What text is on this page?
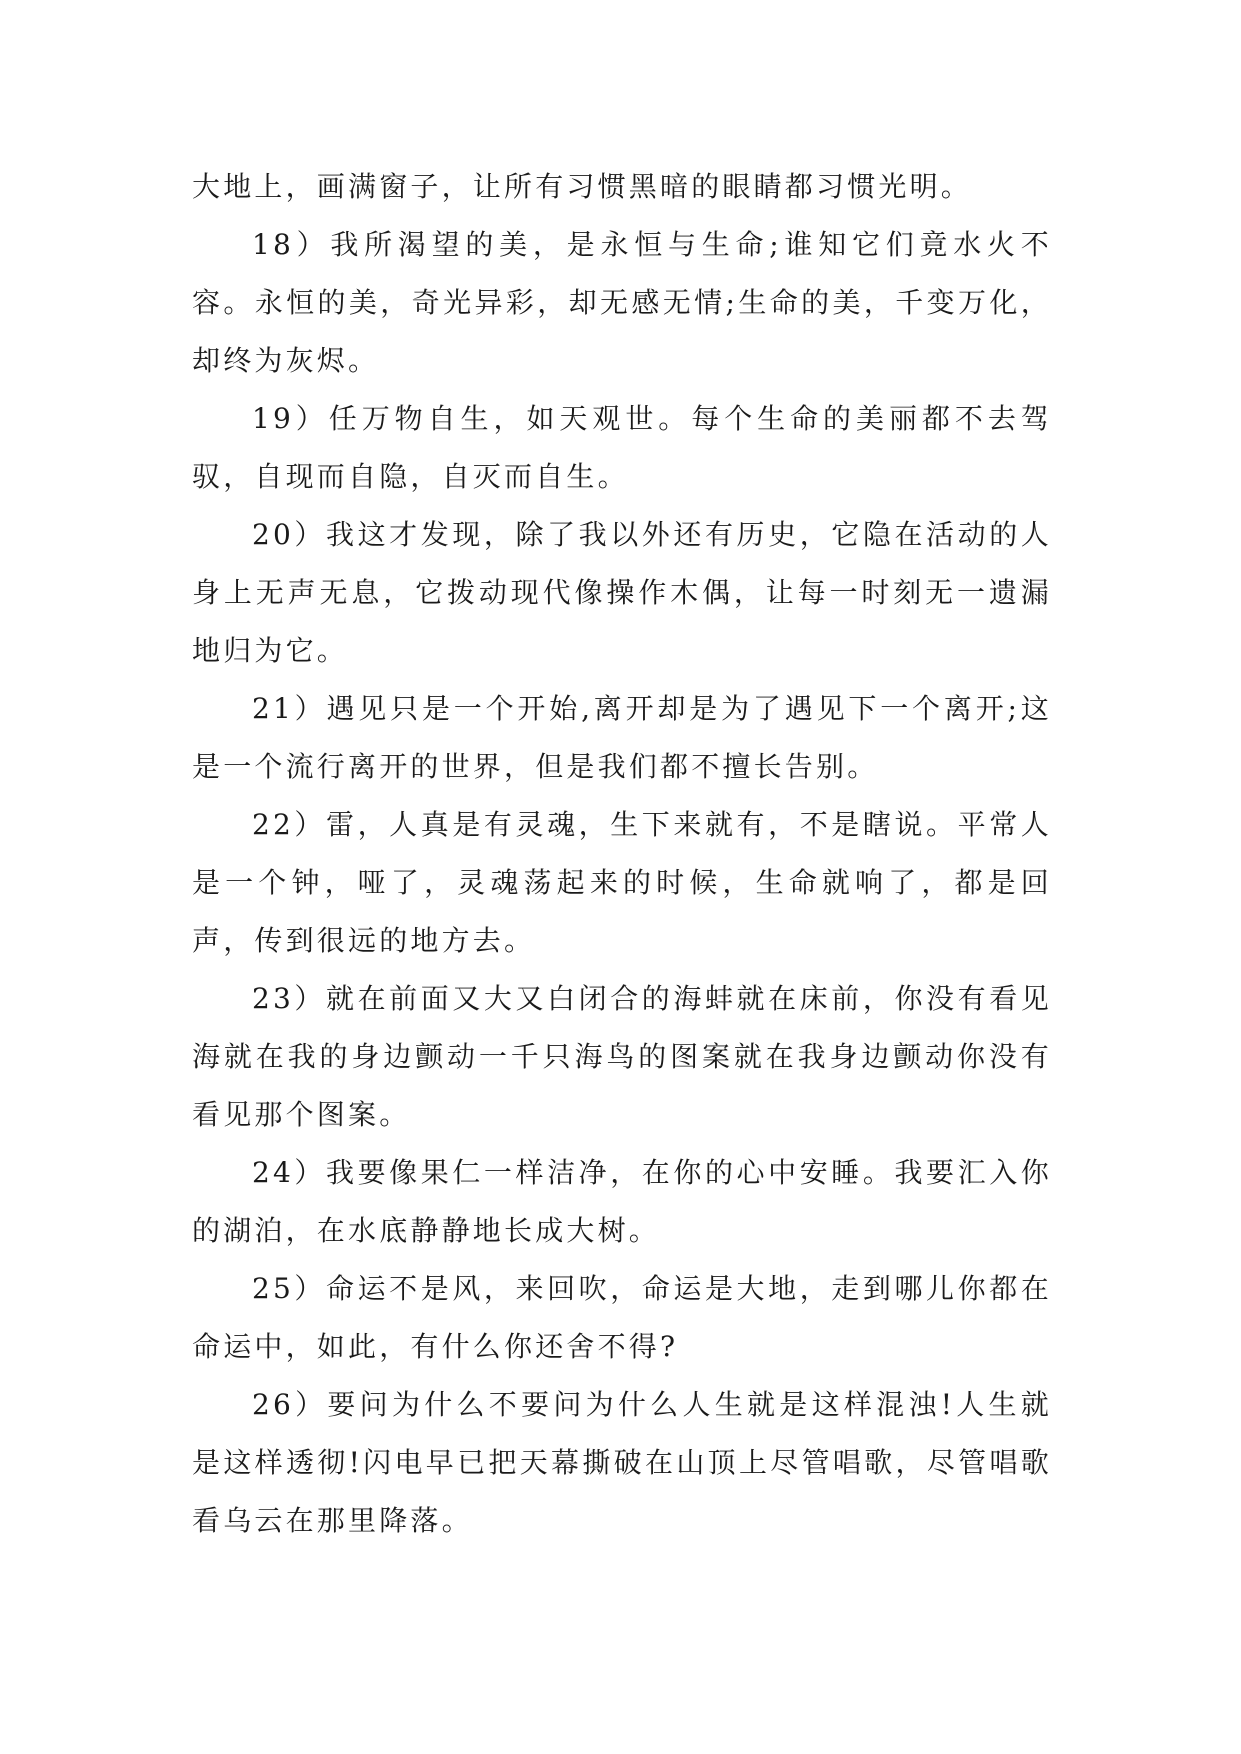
大地上，画满窗子，让所有习惯黑暗的眼睛都习惯光明。

18）我所渴望的美，是永恒与生命;谁知它们竟水火不容。永恒的美，奇光异彩，却无感无情;生命的美，千变万化，却终为灰烬。

19）任万物自生，如天观世。每个生命的美丽都不去驾驭，自现而自隐，自灭而自生。

20）我这才发现，除了我以外还有历史，它隐在活动的人身上无声无息，它拨动现代像操作木偶，让每一时刻无一遗漏地归为它。

21）遇见只是一个开始,离开却是为了遇见下一个离开;这是一个流行离开的世界，但是我们都不擅长告别。

22）雷，人真是有灵魂，生下来就有，不是瞎说。平常人是一个钟，哑了，灵魂荡起来的时候，生命就响了，都是回声，传到很远的地方去。

23）就在前面又大又白闭合的海蚌就在床前，你没有看见海就在我的身边颤动一千只海鸟的图案就在我身边颤动你没有看见那个图案。

24）我要像果仁一样洁净，在你的心中安睡。我要汇入你的湖泊，在水底静静地长成大树。

25）命运不是风，来回吹，命运是大地，走到哪儿你都在命运中，如此，有什么你还舍不得?

26）要问为什么不要问为什么人生就是这样混浊!人生就是这样透彻!闪电早已把天幕撕破在山顶上尽管唱歌，尽管唱歌看乌云在那里降落。
